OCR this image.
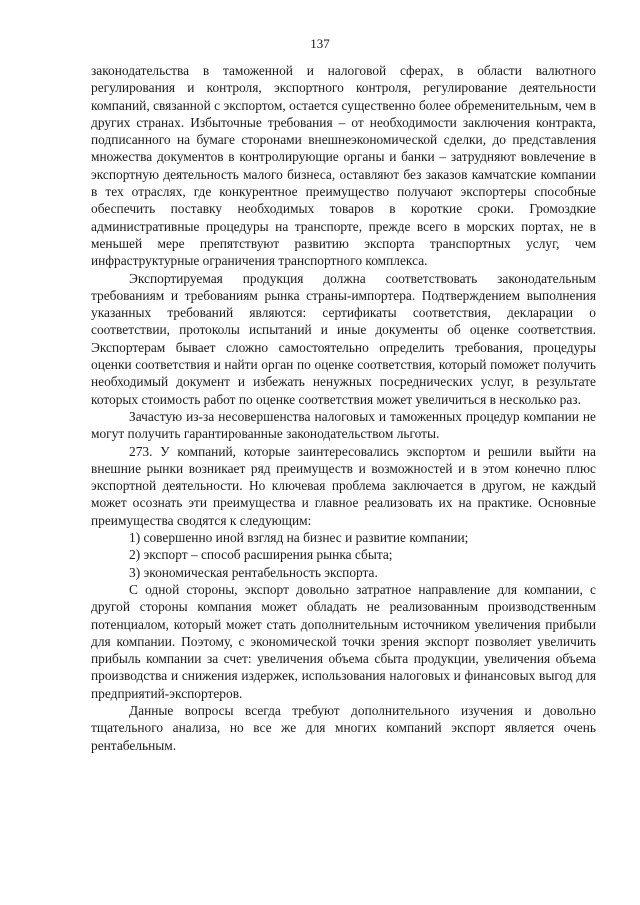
137

законодательства в таможенной и налоговой сферах, в области валютного регулирования и контроля, экспортного контроля, регулирование деятельности компаний, связанной с экспортом, остается существенно более обременительным, чем в других странах. Избыточные требования – от необходимости заключения контракта, подписанного на бумаге сторонами внешнеэкономической сделки, до представления множества документов в контролирующие органы и банки – затрудняют вовлечение в экспортную деятельность малого бизнеса, оставляют без заказов камчатские компании в тех отраслях, где конкурентное преимущество получают экспортеры способные обеспечить поставку необходимых товаров в короткие сроки. Громоздкие административные процедуры на транспорте, прежде всего в морских портах, не в меньшей мере препятствуют развитию экспорта транспортных услуг, чем инфраструктурные ограничения транспортного комплекса.

Экспортируемая продукция должна соответствовать законодательным требованиям и требованиям рынка страны-импортера. Подтверждением выполнения указанных требований являются: сертификаты соответствия, декларации о соответствии, протоколы испытаний и иные документы об оценке соответствия. Экспортерам бывает сложно самостоятельно определить требования, процедуры оценки соответствия и найти орган по оценке соответствия, который поможет получить необходимый документ и избежать ненужных посреднических услуг, в результате которых стоимость работ по оценке соответствия может увеличиться в несколько раз.

Зачастую из-за несовершенства налоговых и таможенных процедур компании не могут получить гарантированные законодательством льготы.

273. У компаний, которые заинтересовались экспортом и решили выйти на внешние рынки возникает ряд преимуществ и возможностей и в этом конечно плюс экспортной деятельности. Но ключевая проблема заключается в другом, не каждый может осознать эти преимущества и главное реализовать их на практике. Основные преимущества сводятся к следующим:

1) совершенно иной взгляд на бизнес и развитие компании;

2) экспорт – способ расширения рынка сбыта;

3) экономическая рентабельность экспорта.

С одной стороны, экспорт довольно затратное направление для компании, с другой стороны компания может обладать не реализованным производственным потенциалом, который может стать дополнительным источником увеличения прибыли для компании. Поэтому, с экономической точки зрения экспорт позволяет увеличить прибыль компании за счет: увеличения объема сбыта продукции, увеличения объема производства и снижения издержек, использования налоговых и финансовых выгод для предприятий-экспортеров.

Данные вопросы всегда требуют дополнительного изучения и довольно тщательного анализа, но все же для многих компаний экспорт является очень рентабельным.
